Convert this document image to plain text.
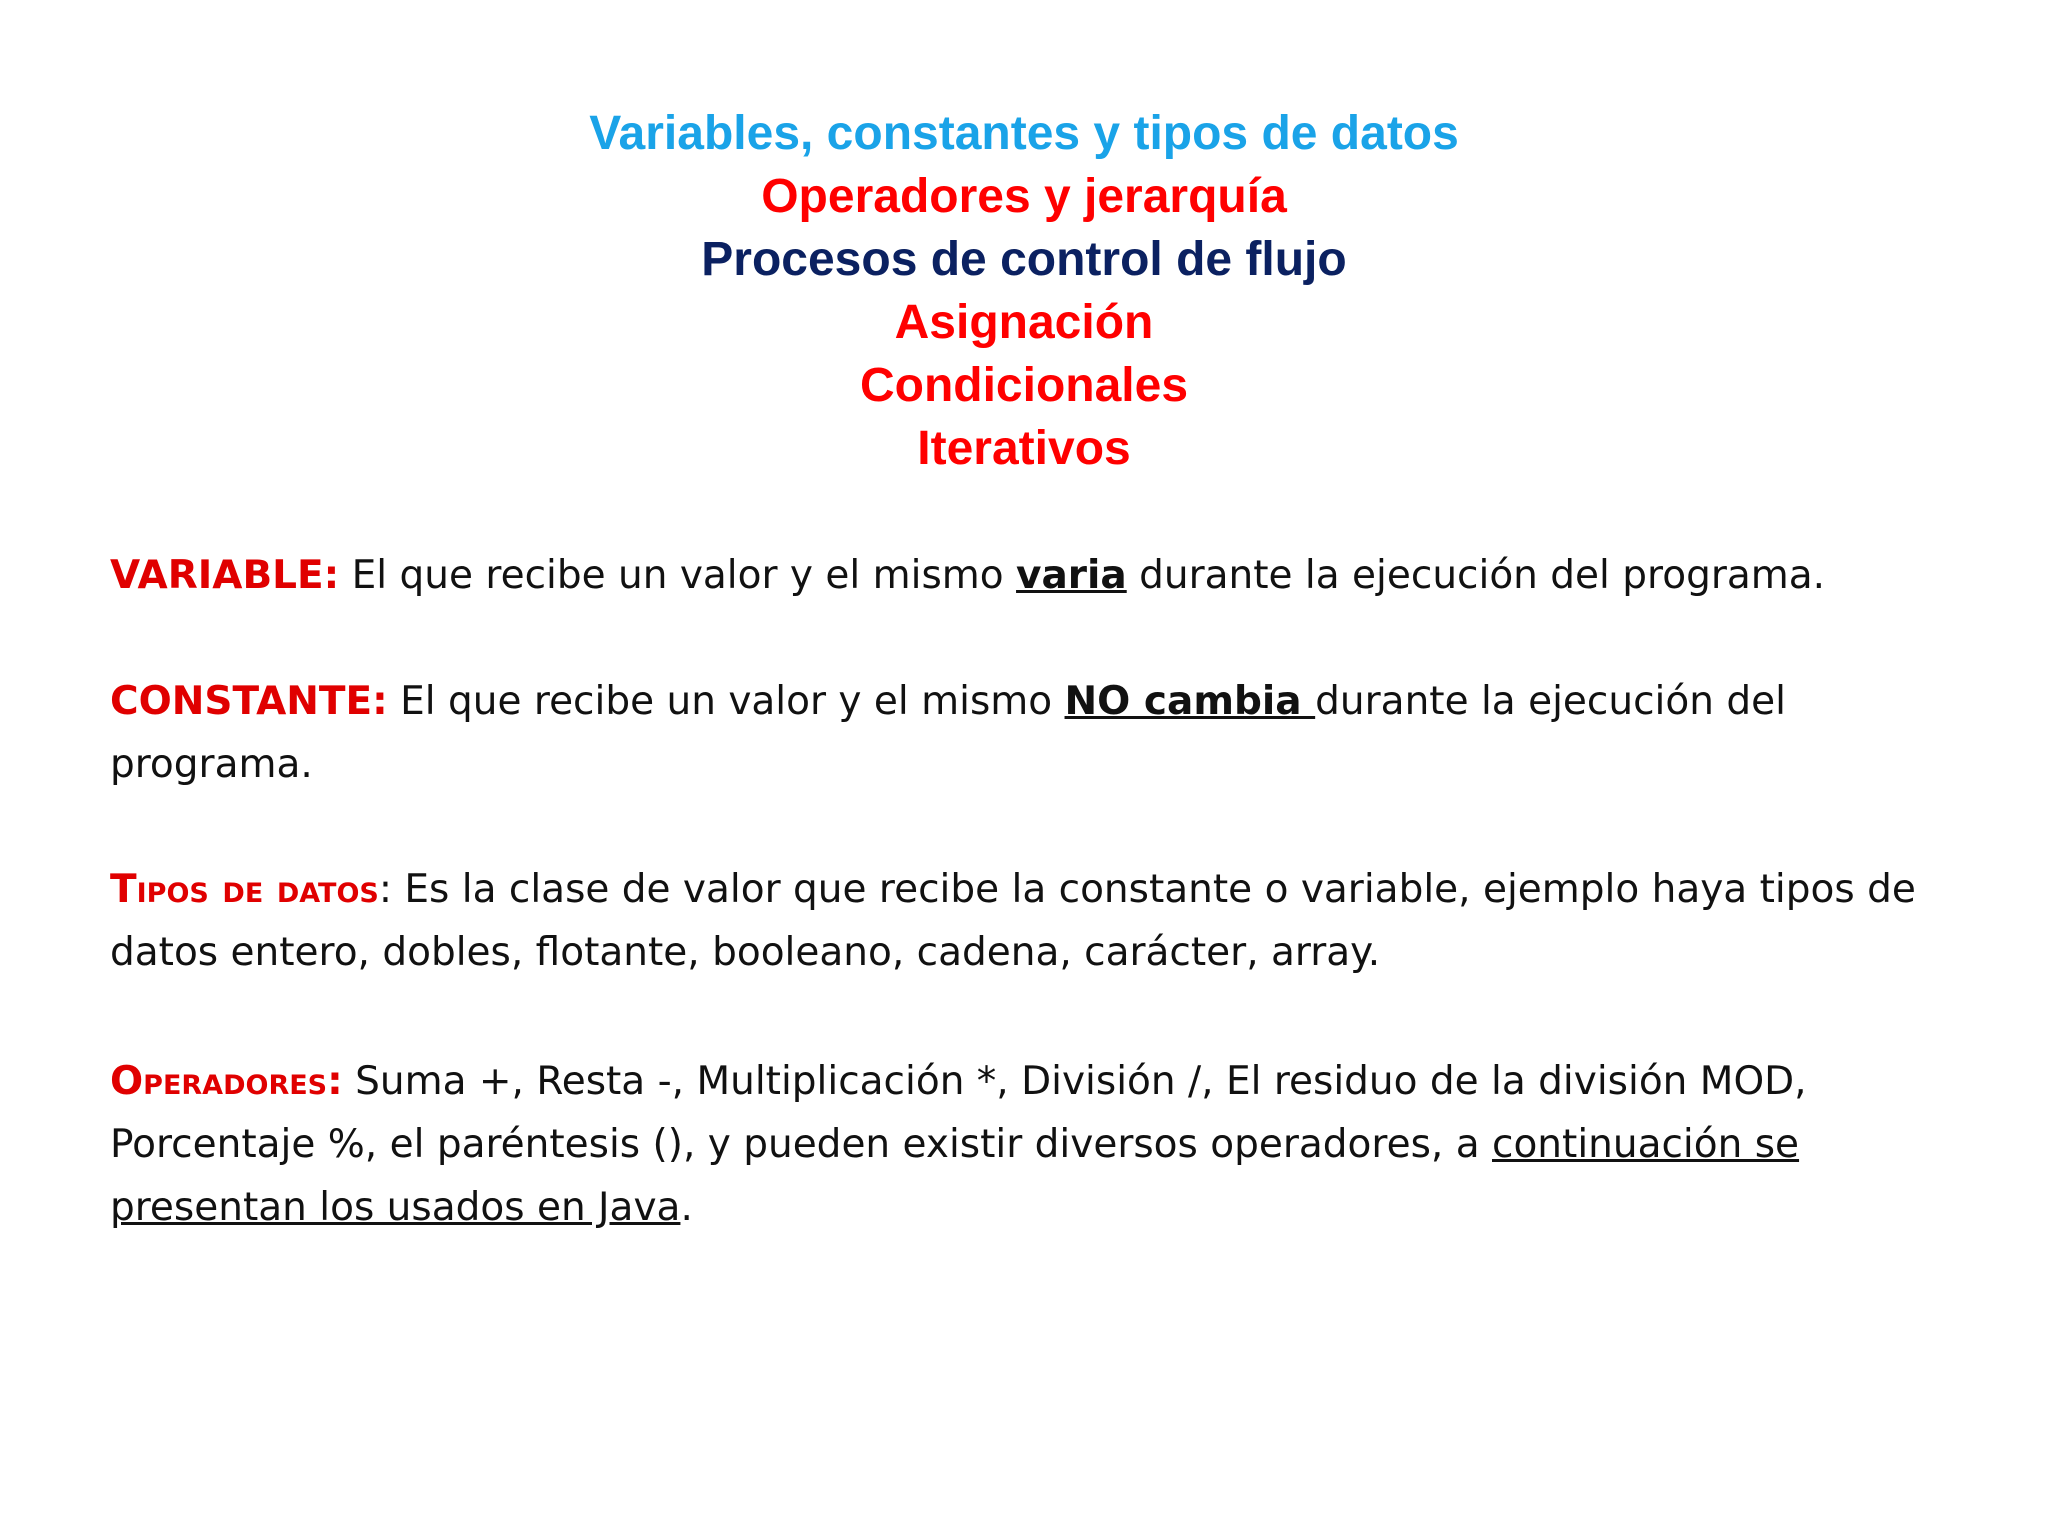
Variables, constantes y tipos de datos
Operadores y jerarquía
Procesos de control de flujo
Asignación
Condicionales
Iterativos
VARIABLE: El que recibe un valor y el mismo varia durante la ejecución del programa.
CONSTANTE: El que recibe un valor y el mismo NO cambia durante la ejecución del programa.
Tipos de datos: Es la clase de valor que recibe la constante o variable, ejemplo haya tipos de datos entero, dobles, flotante, booleano, cadena, carácter, array.
Operadores: Suma +, Resta -, Multiplicación *, División /, El residuo de la división MOD, Porcentaje %, el paréntesis (), y pueden existir diversos operadores, a continuación se presentan los usados en Java.
